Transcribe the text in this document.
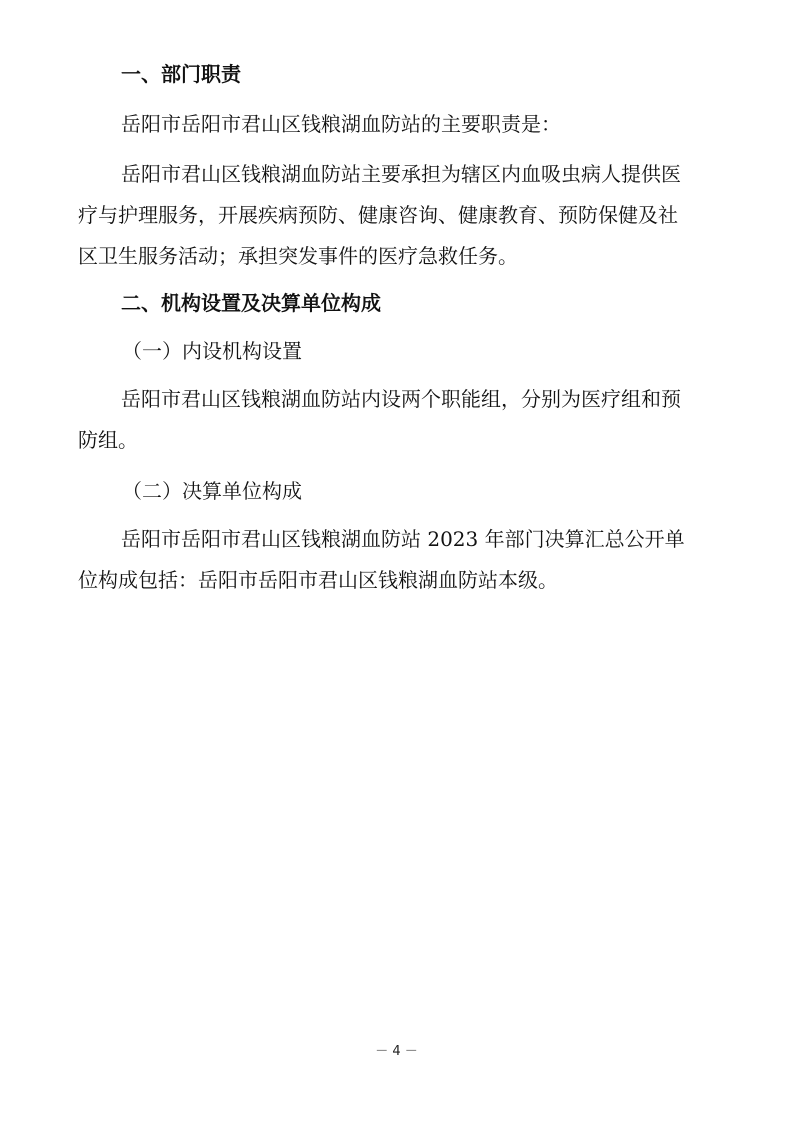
一、部门职责
岳阳市岳阳市君山区钱粮湖血防站的主要职责是：
岳阳市君山区钱粮湖血防站主要承担为辖区内血吸虫病人提供医
疗与护理服务，开展疾病预防、健康咨询、健康教育、预防保健及社
区卫生服务活动；承担突发事件的医疗急救任务。
二、机构设置及决算单位构成
（一）内设机构设置
岳阳市君山区钱粮湖血防站内设两个职能组，分别为医疗组和预
防组。
（二）决算单位构成
岳阳市岳阳市君山区钱粮湖血防站 2023 年部门决算汇总公开单
位构成包括：岳阳市岳阳市君山区钱粮湖血防站本级。
－ 4 －
